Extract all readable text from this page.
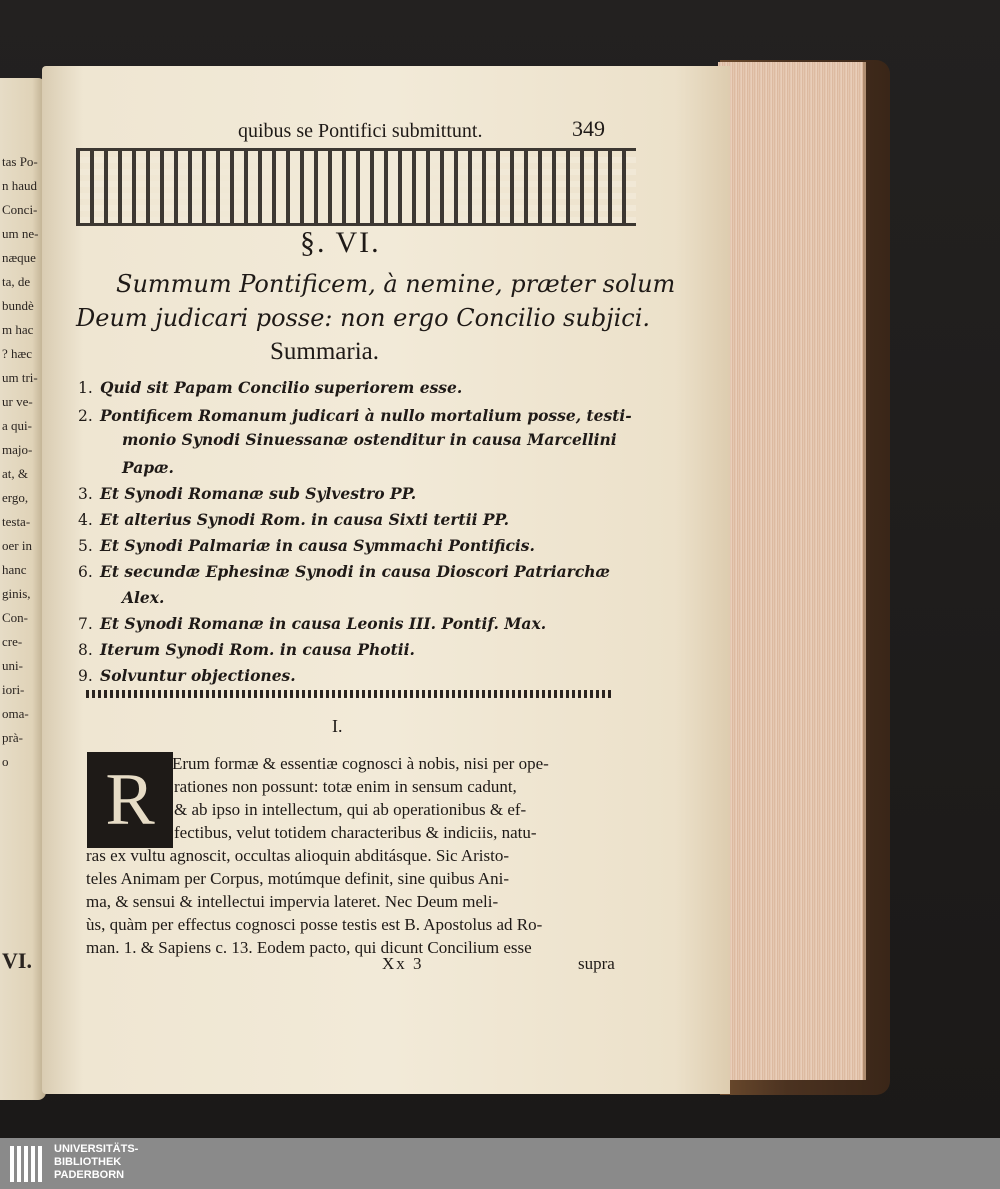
tas Po-
n haud
Conci-
um ne-
næque
ta, de
bundè
m hac
? hæc
um tri-
ur ve-
a qui-
majo-
at, &
ergo,
testa-
oer in
hanc
ginis,
Con-
cre-
uni-
iori-
oma-
prà-
o
VI.
quibus se Pontifici submittunt.	349
§. VI.
Summum Pontificem, à nemine, præter solum
Deum judicari posse: non ergo Concilio subjici.
Summaria.
1. Quid sit Papam Concilio superiorem esse.
2. Pontificem Romanum judicari à nullo mortalium posse, testi-
monio Synodi Sinuessanæ ostenditur in causa Marcellini
Papæ.
3. Et Synodi Romanæ sub Sylvestro PP.
4. Et alterius Synodi Rom. in causa Sixti tertii PP.
5. Et Synodi Palmariæ in causa Symmachi Pontificis.
6. Et secundæ Ephesinæ Synodi in causa Dioscori Patriarchæ
Alex.
7. Et Synodi Romanæ in causa Leonis III. Pontif. Max.
8. Iterum Synodi Rom. in causa Photii.
9. Solvuntur objectiones.
I.
R	Erum formæ & essentiæ cognosci à nobis, nisi per ope-
rationes non possunt: totæ enim in sensum cadunt,
& ab ipso in intellectum, qui ab operationibus & ef-
fectibus, velut totidem characteribus & indiciis, natu-
ras ex vultu agnoscit, occultas alioquin abditásque. Sic Aristo-
teles Animam per Corpus, motúmque definit, sine quibus Ani-
ma, & sensui & intellectui impervia lateret. Nec Deum meli-
ùs, quàm per effectus cognosci posse testis est B. Apostolus ad Ro-
man. 1. & Sapiens c. 13. Eodem pacto, qui dicunt Concilium esse
Xx 3	supra
UNIVERSITÄTS-
BIBLIOTHEK
PADERBORN
